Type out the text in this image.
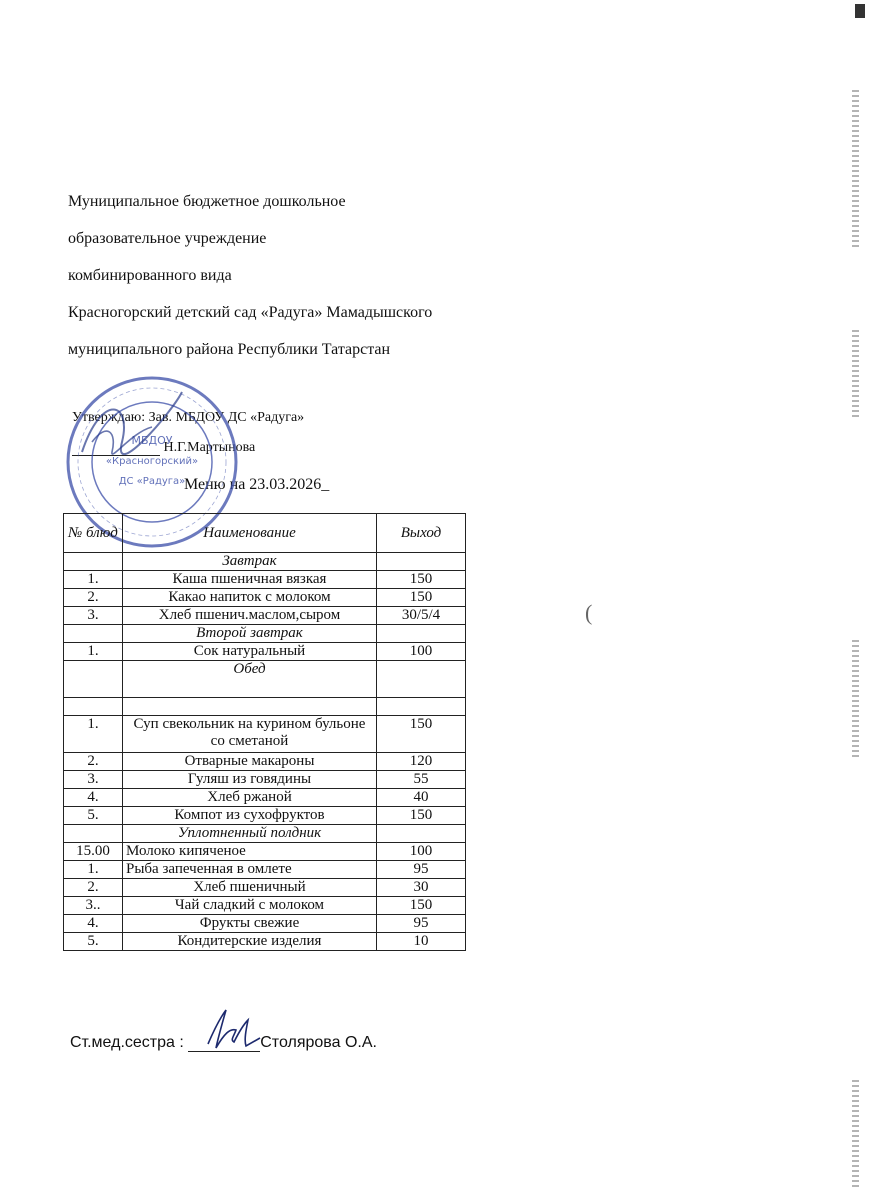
(
Муниципальное бюджетное дошкольное
образовательное учреждение
комбинированного вида
Красногорский детский сад «Радуга» Мамадышского
муниципального района Республики Татарстан
Утверждаю: Зав. МБДОУ ДС «Радуга»
Н.Г.Мартынова
Меню на 23.03.2026_
МБДОУ
«Красногорский»
ДС «Радуга»
№ блюд	Наименование	Выход
	Завтрак	
1.	Каша пшеничная вязкая	150
2.	Какао напиток с молоком	150
3.	Хлеб пшенич.маслом,сыром	30/5/4
	Второй завтрак	
1.	Сок натуральный	100
	Обед	

1.	Суп свекольник на курином бульоне со сметаной	150
2.	Отварные макароны	120
3.	Гуляш из говядины	55
4.	Хлеб ржаной	40
5.	Компот из сухофруктов	150
	Уплотненный полдник	
15.00	Молоко кипяченое	100
1.	Рыба запеченная в омлете	95
2.	Хлеб пшеничный	30
3..	Чай сладкий с молоком	150
4.	Фрукты свежие	95
5.	Кондитерские изделия	10
Ст.мед.сестра :	Столярова О.А.
